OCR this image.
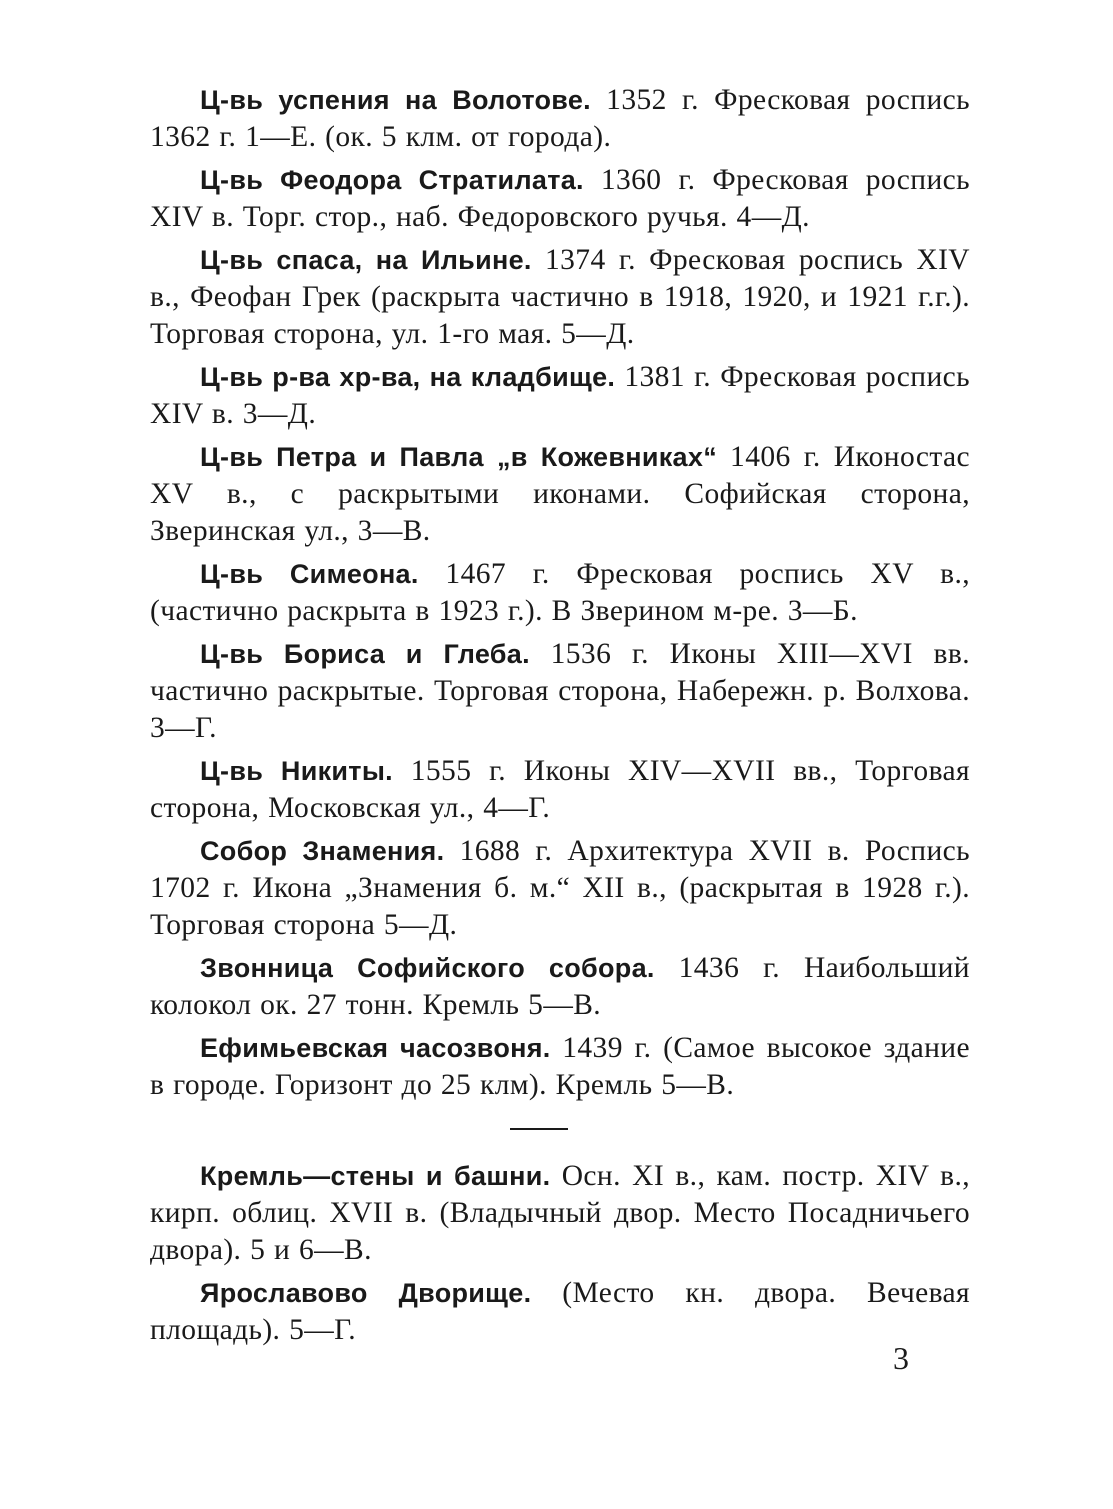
Ц-вь успения на Волотове. 1352 г. Фресковая роспись 1362 г. 1—Е. (ок. 5 клм. от города).

Ц-вь Феодора Стратилата. 1360 г. Фресковая роспись XIV в. Торг. стор., наб. Федоровского ручья. 4—Д.

Ц-вь спаса, на Ильине. 1374 г. Фресковая роспись XIV в., Феофан Грек (раскрыта частично в 1918, 1920, и 1921 г.г.). Торговая сторона, ул. 1-го мая. 5—Д.

Ц-вь р-ва хр-ва, на кладбище. 1381 г. Фресковая роспись XIV в. 3—Д.

Ц-вь Петра и Павла „в Кожевниках“ 1406 г. Иконостас XV в., с раскрытыми иконами. Софийская сторона, Зверинская ул., 3—В.

Ц-вь Симеона. 1467 г. Фресковая роспись XV в., (частично раскрыта в 1923 г.). В Зверином м-ре. 3—Б.

Ц-вь Бориса и Глеба. 1536 г. Иконы XIII—XVI вв. частично раскрытые. Торговая сторона, Набережн. р. Волхова. 3—Г.

Ц-вь Никиты. 1555 г. Иконы XIV—XVII вв., Торговая сторона, Московская ул., 4—Г.

Собор Знамения. 1688 г. Архитектура XVII в. Роспись 1702 г. Икона „Знамения б. м.“ XII в., (раскрытая в 1928 г.). Торговая сторона 5—Д.

Звонница Софийского собора. 1436 г. Наибольший колокол ок. 27 тонн. Кремль 5—В.

Ефимьевская часозвоня. 1439 г. (Самое высокое здание в городе. Горизонт до 25 клм). Кремль 5—В.

Кремль—стены и башни. Осн. XI в., кам. постр. XIV в., кирп. облиц. XVII в. (Владычный двор. Место Посадничьего двора). 5 и 6—В.

Ярославово Дворище. (Место кн. двора. Вечевая площадь). 5—Г.

3
